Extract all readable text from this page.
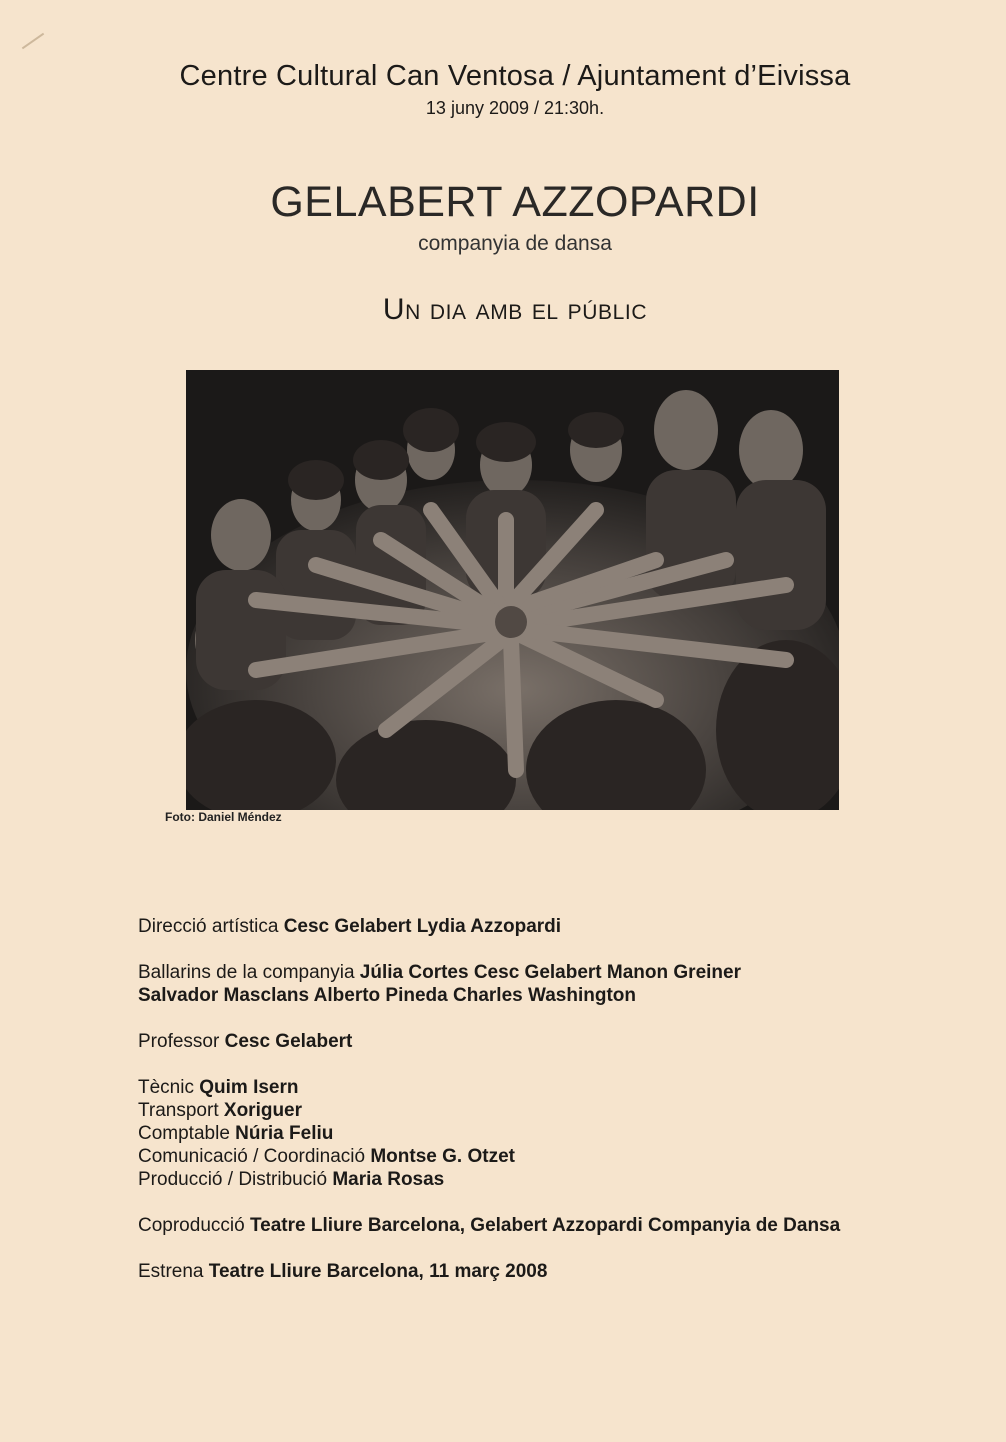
Centre Cultural Can Ventosa / Ajuntament d’Eivissa
13 juny 2009 / 21:30h.
GELABERT AZZOPARDI
companyia de dansa
Un dia amb el públic
Foto: Daniel Méndez

Direcció artística Cesc Gelabert Lydia Azzopardi

Ballarins de la companyia Júlia Cortes Cesc Gelabert Manon Greiner

Salvador Masclans Alberto Pineda Charles Washington

Professor Cesc Gelabert

Tècnic Quim Isern

Transport Xoriguer

Comptable Núria Feliu

Comunicació / Coordinació Montse G. Otzet

Producció / Distribució Maria Rosas

Coproducció Teatre Lliure Barcelona, Gelabert Azzopardi Companyia de Dansa

Estrena Teatre Lliure Barcelona, 11 març 2008
